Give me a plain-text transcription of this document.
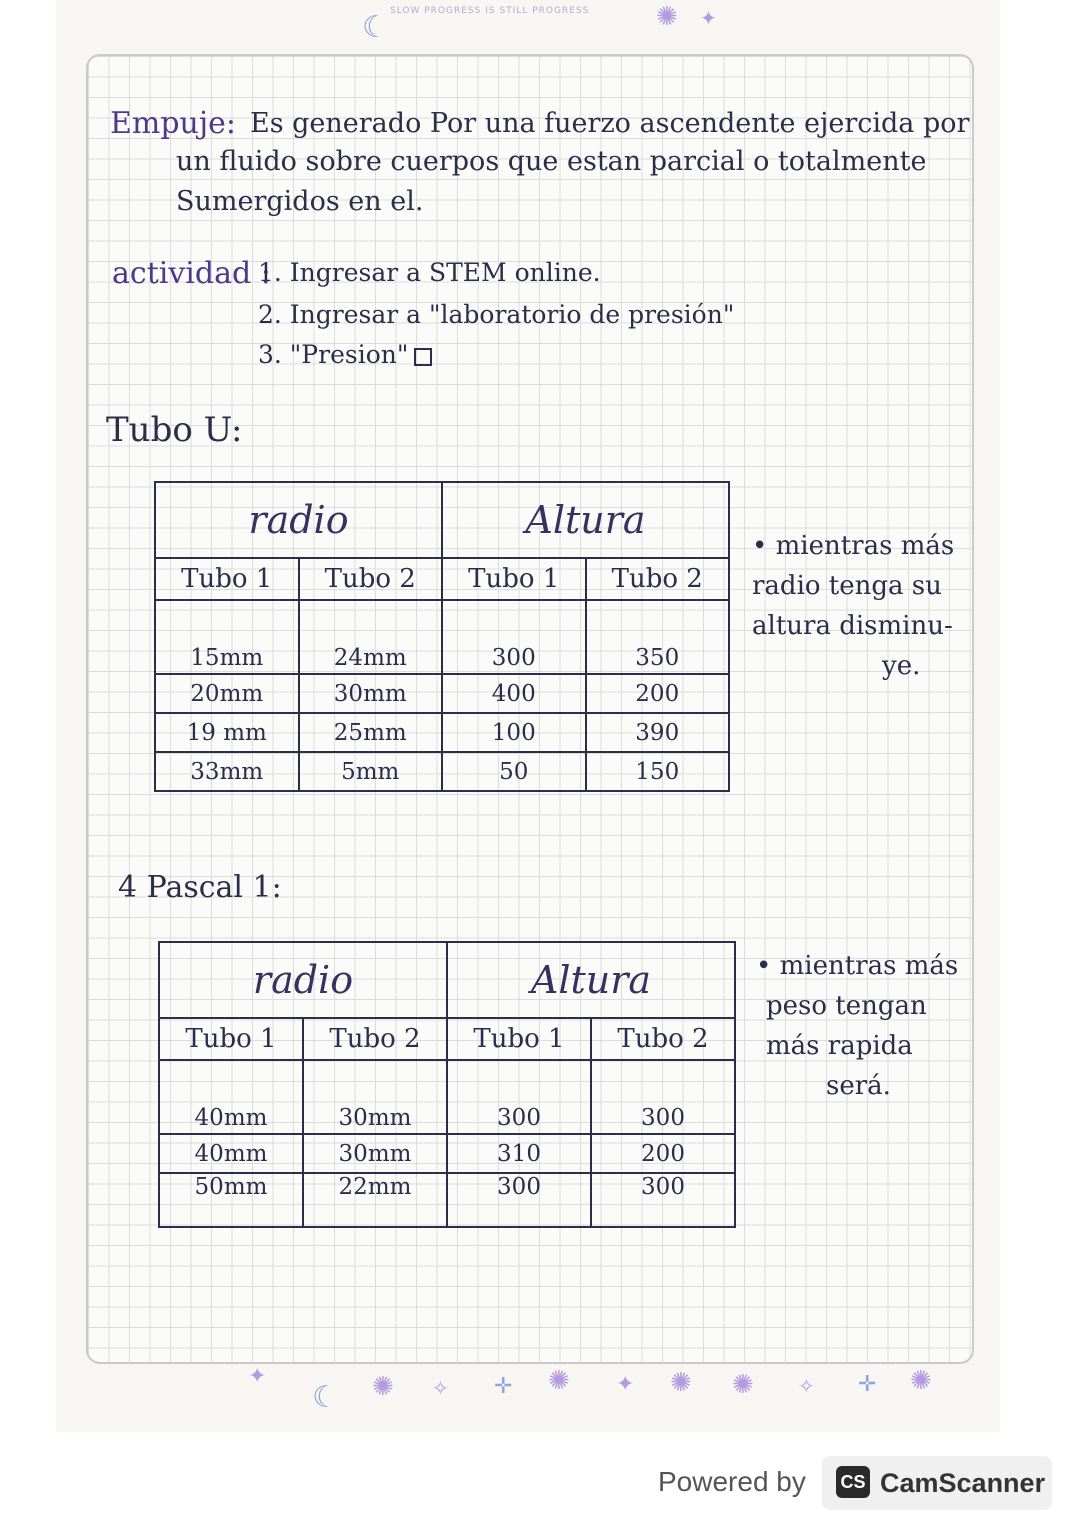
SLOW PROGRESS IS STILL PROGRESS
☾	✺ ✦
Empuje: Es generado Por una fuerzo ascendente ejercida por
un fluido sobre cuerpos que estan parcial o totalmente
Sumergidos en el.
actividad :
1. Ingresar a STEM online.
2. Ingresar a "laboratorio de presión"
3. "Presion"
Tubo U:
radio		Altura	
Tubo 1	Tubo 2	Tubo 1	Tubo 2
15mm	24mm	300	350
20mm	30mm	400	200
19 mm	25mm	100	390
33mm	5mm	50	150
• mientras más
radio tenga su
altura disminu-
ye.
4 Pascal 1:
radio		Altura	
Tubo 1	Tubo 2	Tubo 1	Tubo 2
40mm	30mm	300	300
40mm	30mm	310	200
50mm	22mm	300	300
• mientras más
peso tengan
más rapida
será.
✦
☾ ✺ ✧ ✛ ✺ ✦ ✺ ✺ ✧ ✛ ✺
Powered by CS CamScanner
